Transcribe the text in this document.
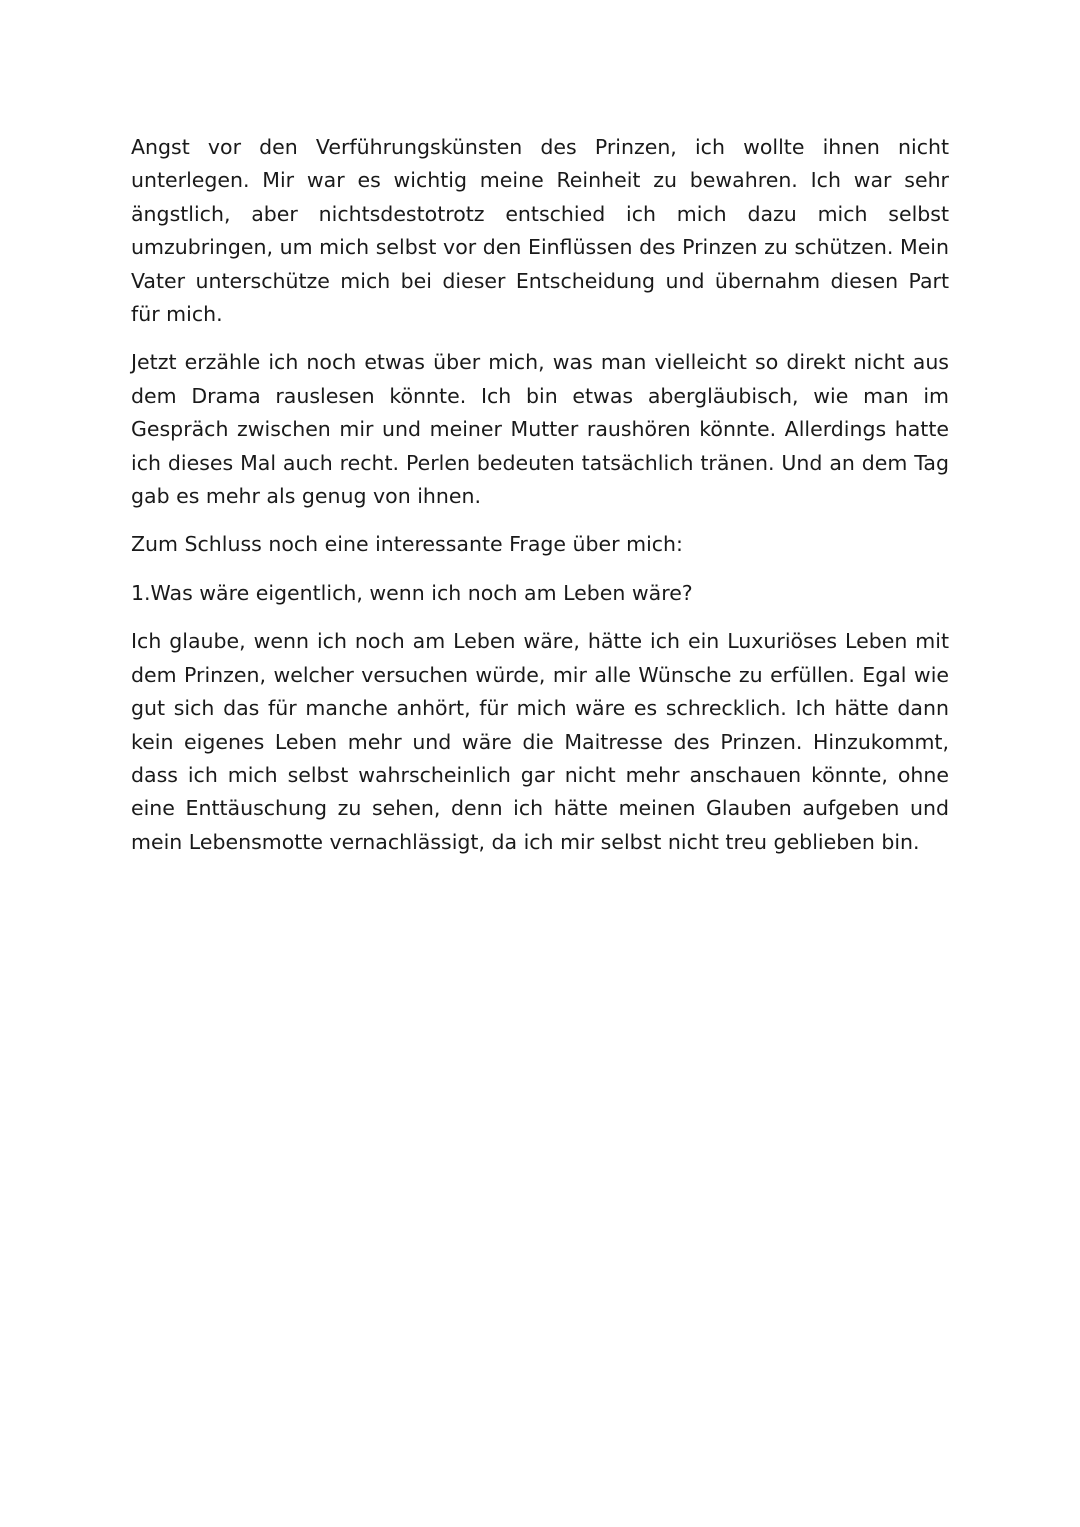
Angst vor den Verführungskünsten des Prinzen, ich wollte ihnen nicht unterlegen. Mir war es wichtig meine Reinheit zu bewahren. Ich war sehr ängstlich, aber nichtsdestotrotz entschied ich mich dazu mich selbst umzubringen, um mich selbst vor den Einflüssen des Prinzen zu schützen. Mein Vater unterschütze mich bei dieser Entscheidung und übernahm diesen Part für mich.

Jetzt erzähle ich noch etwas über mich, was man vielleicht so direkt nicht aus dem Drama rauslesen könnte. Ich bin etwas abergläubisch, wie man im Gespräch zwischen mir und meiner Mutter raushören könnte. Allerdings hatte ich dieses Mal auch recht. Perlen bedeuten tatsächlich tränen. Und an dem Tag gab es mehr als genug von ihnen.

Zum Schluss noch eine interessante Frage über mich:

1.Was wäre eigentlich, wenn ich noch am Leben wäre?

Ich glaube, wenn ich noch am Leben wäre, hätte ich ein Luxuriöses Leben mit dem Prinzen, welcher versuchen würde, mir alle Wünsche zu erfüllen. Egal wie gut sich das für manche anhört, für mich wäre es schrecklich. Ich hätte dann kein eigenes Leben mehr und wäre die Maitresse des Prinzen. Hinzukommt, dass ich mich selbst wahrscheinlich gar nicht mehr anschauen könnte, ohne eine Enttäuschung zu sehen, denn ich hätte meinen Glauben aufgeben und mein Lebensmotte vernachlässigt, da ich mir selbst nicht treu geblieben bin.
